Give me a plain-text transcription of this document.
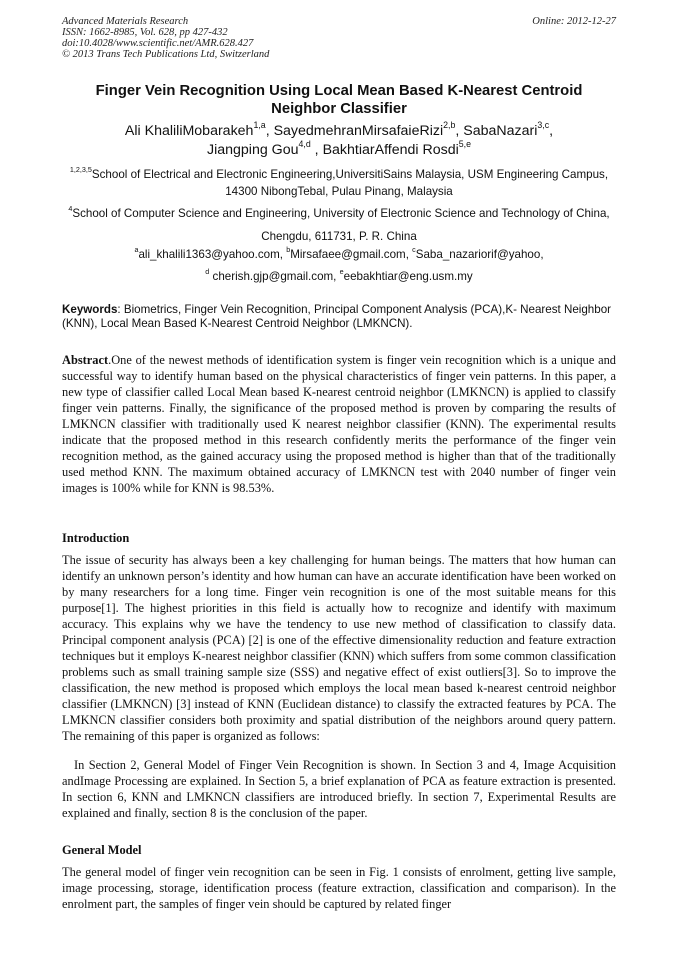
Advanced Materials Research
ISSN: 1662-8985, Vol. 628, pp 427-432
doi:10.4028/www.scientific.net/AMR.628.427
© 2013 Trans Tech Publications Ltd, Switzerland
Online: 2012-12-27
Finger Vein Recognition Using Local Mean Based K-Nearest Centroid Neighbor Classifier
Ali KhaliliMobarakeh$^{1,a}$, SayedmehranMirsafaieRizi$^{2,b}$, SabaNazari$^{3,c}$,
Jiangping Gou$^{4,d}$ , BakhtiarAffendi Rosdi$^{5,e}$
$^{1,2,3,5}$School of Electrical and Electronic Engineering,UniversitiSains Malaysia, USM Engineering Campus, 14300 NibongTebal, Pulau Pinang, Malaysia
$^4$School of Computer Science and Engineering, University of Electronic Science and Technology of China, Chengdu, 611731, P. R. China
$^a$ali_khalili1363@yahoo.com, $^b$Mirsafaee@gmail.com, $^c$Saba_nazariorif@yahoo,
$^d$ cherish.gjp@gmail.com, $^e$eebakhtiar@eng.usm.my
Keywords: Biometrics, Finger Vein Recognition, Principal Component Analysis (PCA),K- Nearest Neighbor (KNN), Local Mean Based K-Nearest Centroid Neighbor (LMKNCN).
Abstract.One of the newest methods of identification system is finger vein recognition which is a unique and successful way to identify human based on the physical characteristics of finger vein patterns. In this paper, a new type of classifier called Local Mean based K-nearest centroid neighbor (LMKNCN) is applied to classify finger vein patterns. Finally, the significance of the proposed method is proven by comparing the results of LMKNCN classifier with traditionally used K nearest neighbor classifier (KNN). The experimental results indicate that the proposed method in this research confidently merits the performance of the finger vein recognition method, as the gained accuracy using the proposed method is higher than that of the traditionally used method KNN. The maximum obtained accuracy of LMKNCN test with 2040 number of finger vein images is 100% while for KNN is 98.53%.
Introduction

The issue of security has always been a key challenging for human beings. The matters that how human can identify an unknown person’s identity and how human can have an accurate identification have been worked on by many researchers for a long time. Finger vein recognition is one of the most suitable means for this purpose[1]. The highest priorities in this field is actually how to recognize and identify with maximum accuracy. This explains why we have the tendency to use new method of classification to classify data. Principal component analysis (PCA) [2] is one of the effective dimensionality reduction and feature extraction techniques but it employs K-nearest neighbor classifier (KNN) which suffers from some common classification problems such as small training sample size (SSS) and negative effect of exist outliers[3]. So to improve the classification, the new method is proposed which employs the local mean based k-nearest centroid neighbor classifier (LMKNCN) [3] instead of KNN (Euclidean distance) to classify the extracted features by PCA. The LMKNCN classifier considers both proximity and spatial distribution of the neighbors around query pattern. The remaining of this paper is organized as follows:

In Section 2, General Model of Finger Vein Recognition is shown. In Section 3 and 4, Image Acquisition andImage Processing are explained. In Section 5, a brief explanation of PCA as feature extraction is presented. In section 6, KNN and LMKNCN classifiers are introduced briefly. In section 7, Experimental Results are explained and finally, section 8 is the conclusion of the paper.

General Model

The general model of finger vein recognition can be seen in Fig. 1 consists of enrolment, getting live sample, image processing, storage, identification process (feature extraction, classification and comparison). In the enrolment part, the samples of finger vein should be captured by related finger
